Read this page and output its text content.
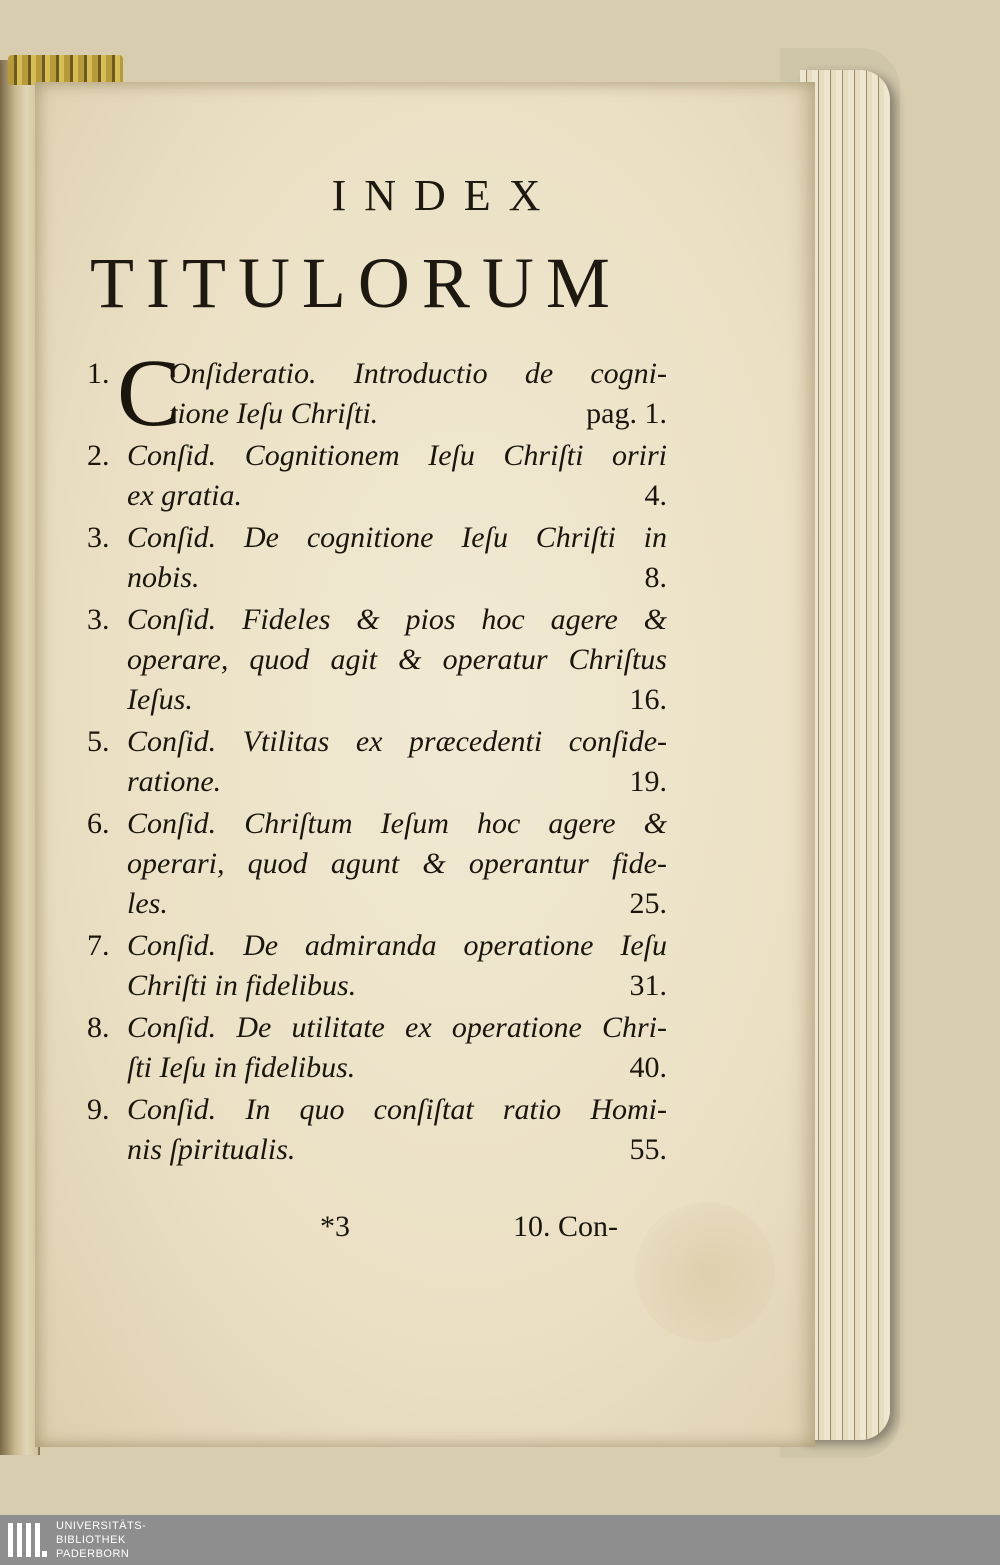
INDEX
TITULORUM
1. C
Onſideratio. Introductio de cogni-
tione Ieſu Chriſti.	pag. 1.
2. Conſid. Cognitionem Ieſu Chriſti oriri
ex gratia.	4.
3. Conſid. De cognitione Ieſu Chriſti in
nobis.	8.
3. Conſid. Fideles & pios hoc agere &
operare, quod agit & operatur Chriſtus
Ieſus.	16.
5. Conſid. Vtilitas ex præcedenti conſide-
ratione.	19.
6. Conſid. Chriſtum Ieſum hoc agere &
operari, quod agunt & operantur fide-
les.	25.
7. Conſid. De admiranda operatione Ieſu
Chriſti in fidelibus.	31.
8. Conſid. De utilitate ex operatione Chri-
ſti Ieſu in fidelibus.	40.
9. Conſid. In quo conſiſtat ratio Homi-
nis ſpiritualis.	55.
*3	10. Con-
UNIVERSITÄTS-
BIBLIOTHEK
PADERBORN
